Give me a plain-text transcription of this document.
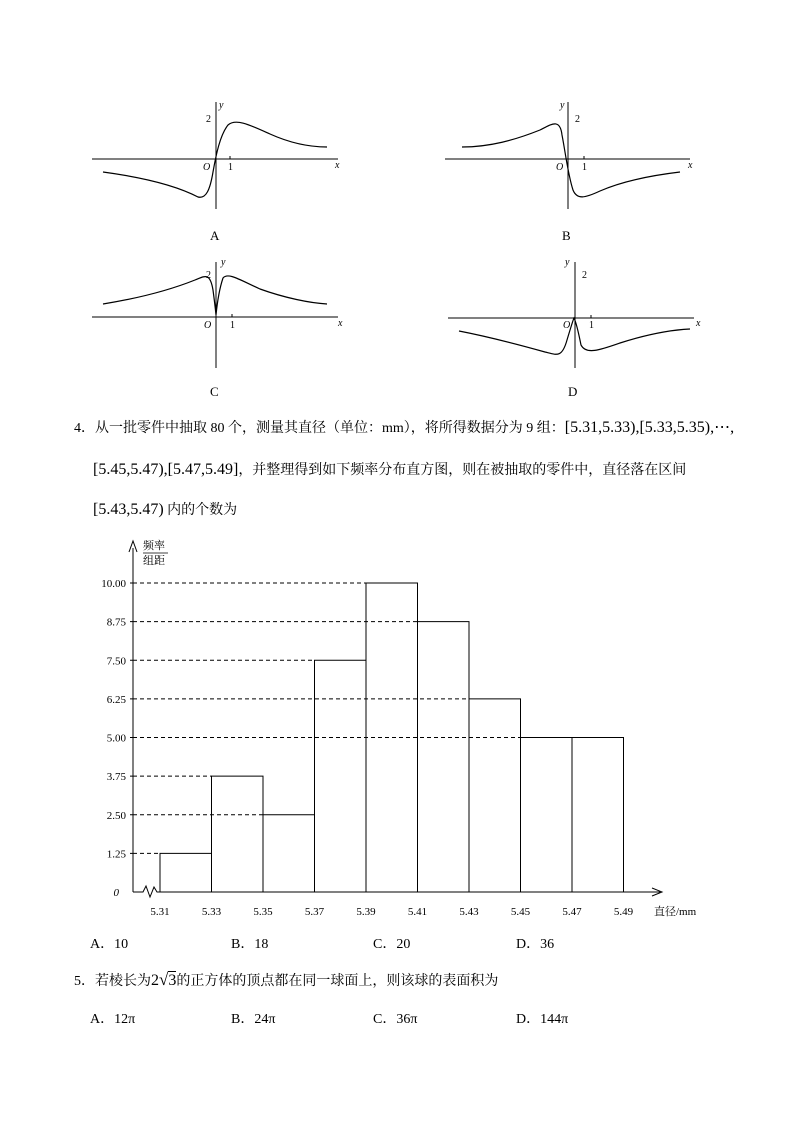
y
2
O 1	x
A
y
2
O 1	x
B
y
2
O 1	x
C
y
2
O 1	x
D
4．从一批零件中抽取 80 个，测量其直径（单位：mm），将所得数据分为 9 组：[5.31,5.33),[5.33,5.35),⋯,
[5.45,5.47),[5.47,5.49]，并整理得到如下频率分布直方图，则在被抽取的零件中，直径落在区间
[5.43,5.47) 内的个数为
0
1.25
2.50
3.75
5.00
6.25
7.50
8.75
10.00
5.31	5.33	5.35	5.37	5.39	5.41	5.43	5.45	5.47	5.49
频率
组距
直径/mm
A．10	B．18	C．20	D．36
5．若棱长为2√3的正方体的顶点都在同一球面上，则该球的表面积为
A．12π	B．24π	C．36π	D．144π
